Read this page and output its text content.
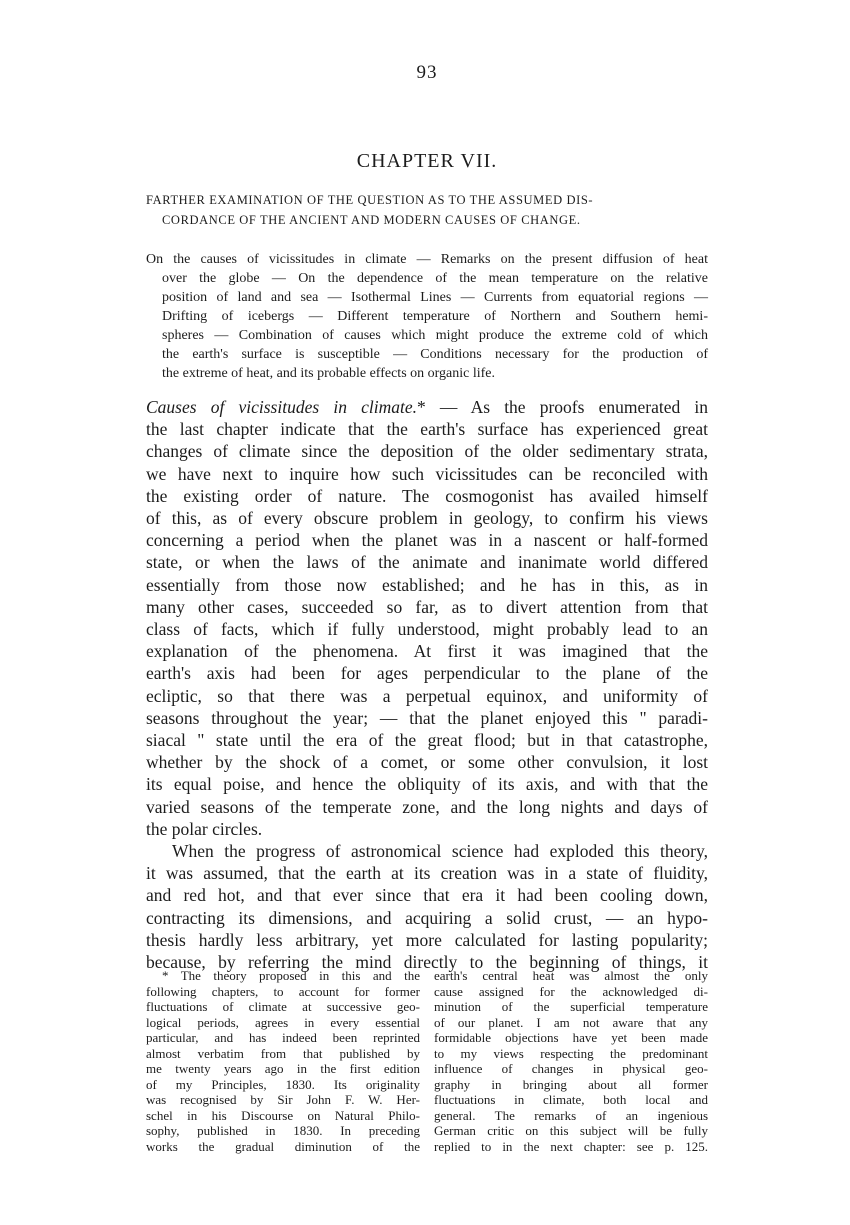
93
CHAPTER VII.
FARTHER EXAMINATION OF THE QUESTION AS TO THE ASSUMED DIS-
CORDANCE OF THE ANCIENT AND MODERN CAUSES OF CHANGE.
On the causes of vicissitudes in climate — Remarks on the present diffusion of heat
over the globe — On the dependence of the mean temperature on the relative
position of land and sea — Isothermal Lines — Currents from equatorial regions —
Drifting of icebergs — Different temperature of Northern and Southern hemi-
spheres — Combination of causes which might produce the extreme cold of which
the earth's surface is susceptible — Conditions necessary for the production of
the extreme of heat, and its probable effects on organic life.
Causes of vicissitudes in climate.* — As the proofs enumerated in
the last chapter indicate that the earth's surface has experienced great
changes of climate since the deposition of the older sedimentary strata,
we have next to inquire how such vicissitudes can be reconciled with
the existing order of nature. The cosmogonist has availed himself
of this, as of every obscure problem in geology, to confirm his views
concerning a period when the planet was in a nascent or half-formed
state, or when the laws of the animate and inanimate world differed
essentially from those now established; and he has in this, as in
many other cases, succeeded so far, as to divert attention from that
class of facts, which if fully understood, might probably lead to an
explanation of the phenomena. At first it was imagined that the
earth's axis had been for ages perpendicular to the plane of the
ecliptic, so that there was a perpetual equinox, and uniformity of
seasons throughout the year; — that the planet enjoyed this " paradi-
siacal " state until the era of the great flood; but in that catastrophe,
whether by the shock of a comet, or some other convulsion, it lost
its equal poise, and hence the obliquity of its axis, and with that the
varied seasons of the temperate zone, and the long nights and days of
the polar circles.
When the progress of astronomical science had exploded this theory,
it was assumed, that the earth at its creation was in a state of fluidity,
and red hot, and that ever since that era it had been cooling down,
contracting its dimensions, and acquiring a solid crust, — an hypo-
thesis hardly less arbitrary, yet more calculated for lasting popularity;
because, by referring the mind directly to the beginning of things, it
* The theory proposed in this and the
following chapters, to account for former
fluctuations of climate at successive geo-
logical periods, agrees in every essential
particular, and has indeed been reprinted
almost verbatim from that published by
me twenty years ago in the first edition
of my Principles, 1830. Its originality
was recognised by Sir John F. W. Her-
schel in his Discourse on Natural Philo-
sophy, published in 1830. In preceding
works the gradual diminution of the
earth's central heat was almost the only
cause assigned for the acknowledged di-
minution of the superficial temperature
of our planet. I am not aware that any
formidable objections have yet been made
to my views respecting the predominant
influence of changes in physical geo-
graphy in bringing about all former
fluctuations in climate, both local and
general. The remarks of an ingenious
German critic on this subject will be fully
replied to in the next chapter: see p. 125.
